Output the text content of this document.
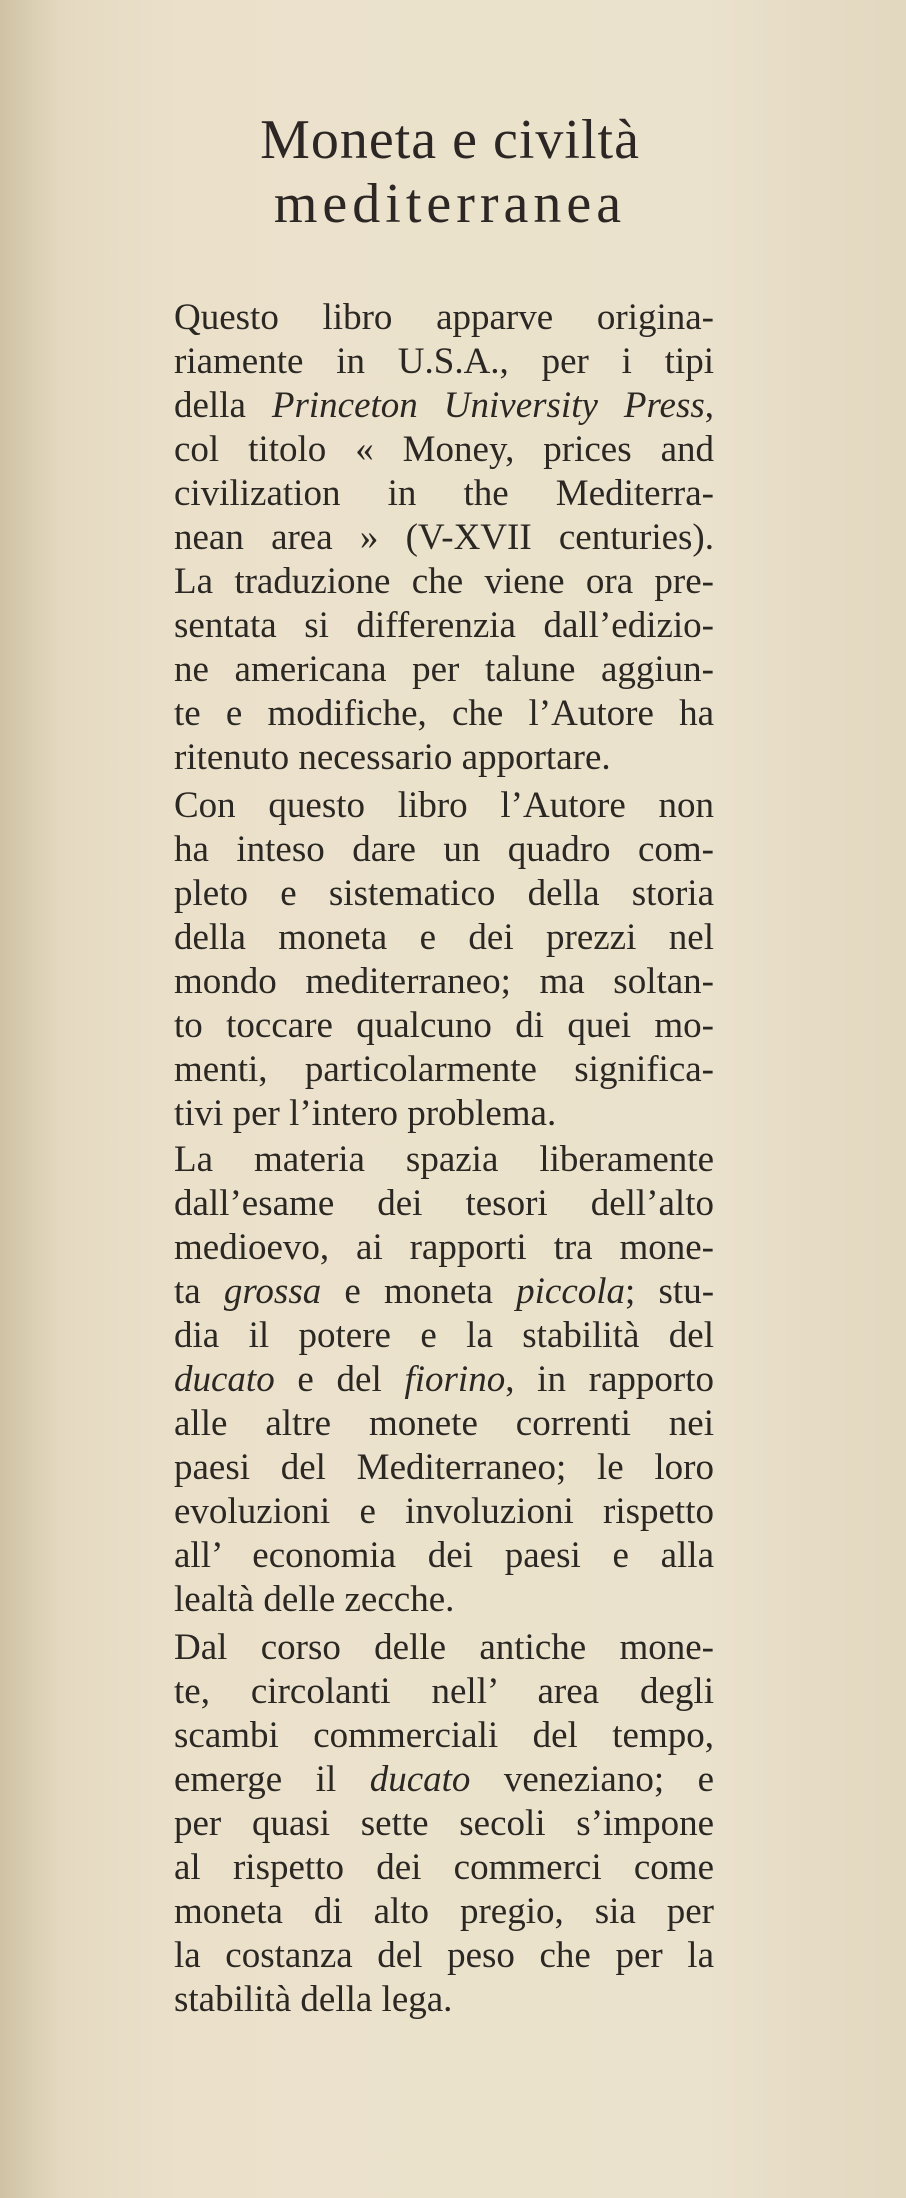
Moneta e civiltà
mediterranea
Questo libro apparve origina-
riamente in U.S.A., per i tipi
della Princeton University Press,
col titolo « Money, prices and
civilization in the Mediterra-
nean area » (V-XVII centuries).
La traduzione che viene ora pre-
sentata si differenzia dall’edizio-
ne americana per talune aggiun-
te e modifiche, che l’Autore ha
ritenuto necessario apportare.
Con questo libro l’Autore non
ha inteso dare un quadro com-
pleto e sistematico della storia
della moneta e dei prezzi nel
mondo mediterraneo; ma soltan-
to toccare qualcuno di quei mo-
menti, particolarmente significa-
tivi per l’intero problema.
La materia spazia liberamente
dall’esame dei tesori dell’alto
medioevo, ai rapporti tra mone-
ta grossa e moneta piccola; stu-
dia il potere e la stabilità del
ducato e del fiorino, in rapporto
alle altre monete correnti nei
paesi del Mediterraneo; le loro
evoluzioni e involuzioni rispetto
all’ economia dei paesi e alla
lealtà delle zecche.
Dal corso delle antiche mone-
te, circolanti nell’ area degli
scambi commerciali del tempo,
emerge il ducato veneziano; e
per quasi sette secoli s’impone
al rispetto dei commerci come
moneta di alto pregio, sia per
la costanza del peso che per la
stabilità della lega.
